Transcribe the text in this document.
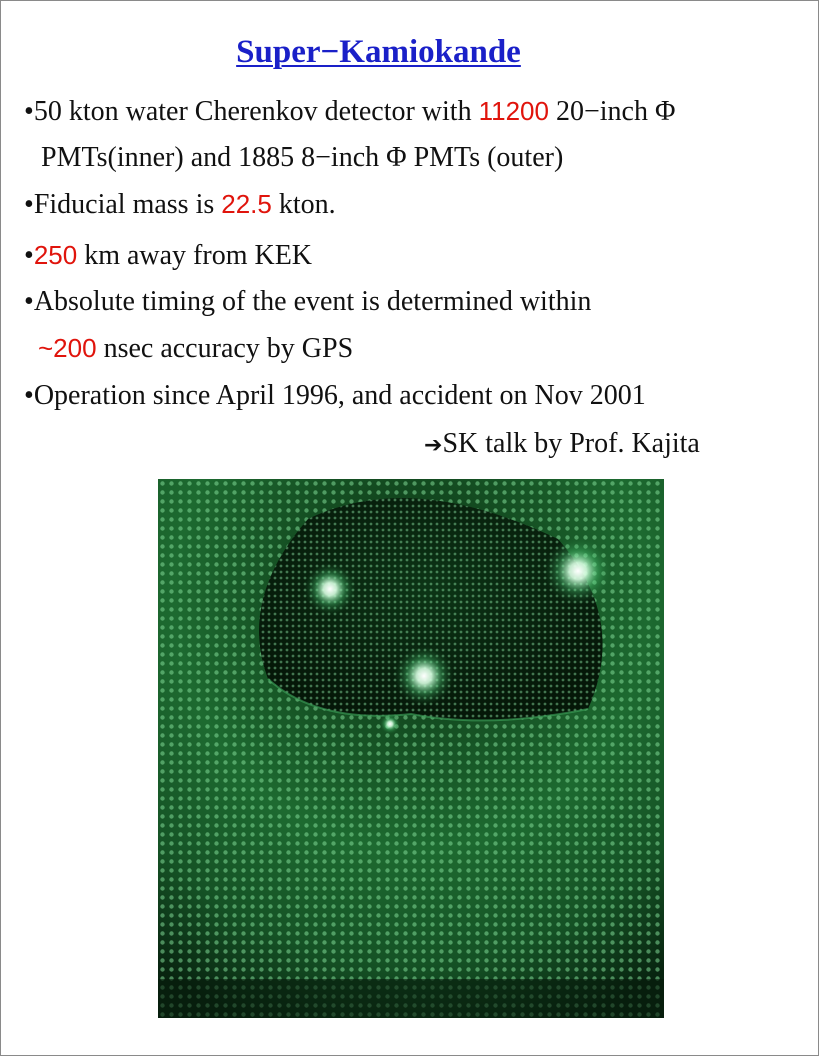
Super−Kamiokande
•50 kton water Cherenkov detector with 11200 20−inch Φ
PMTs(inner) and 1885 8−inch Φ PMTs (outer)
•Fiducial mass is 22.5 kton.
•250 km away from KEK
•Absolute timing of the event is determined within
~200 nsec accuracy by GPS
•Operation since April 1996, and accident on Nov 2001
➔SK talk by Prof. Kajita
